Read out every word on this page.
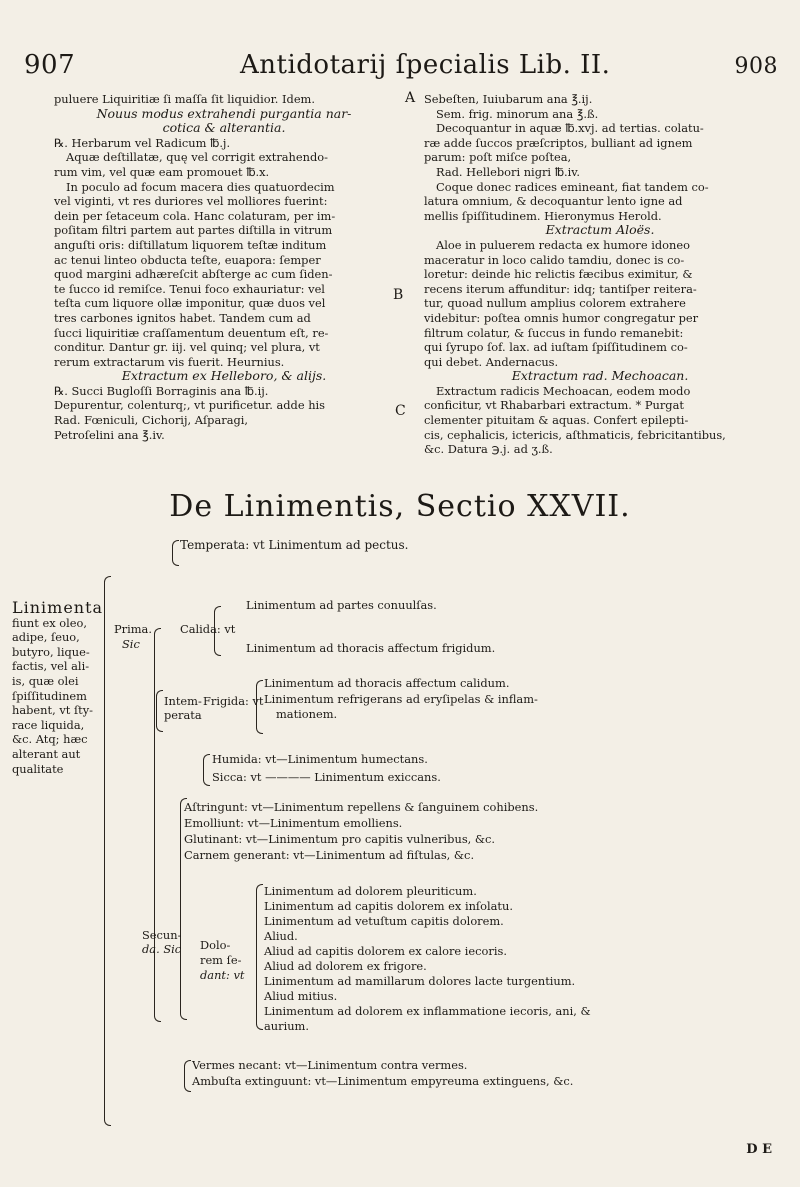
907	Antidotarij ſpecialis Lib. II.	908
A
B
C

puluere Liquiritiæ ſi maſſa ſit liquidior. Idem.

Nouus modus extrahendi purgantia nar-

cotica & alterantia.

℞. Herbarum vel Radicum ℔.j.

Aquæ deſtillatæ, quę vel corrigit extrahendo-

rum vim, vel quæ eam promouet ℔.x.

In poculo ad focum macera dies quatuordecim

vel viginti, vt res duriores vel molliores fuerint:

dein per ſetaceum cola. Hanc colaturam, per im-

poſitam filtri partem aut partes diſtilla in vitrum

anguſti oris: diſtillatum liquorem teſtæ inditum

ac tenui linteo obducta teſte, euapora: ſemper

quod margini adhæreſcit abſterge ac cum ſiden-

te ſucco id remiſce. Tenui foco exhauriatur: vel

teſta cum liquore ollæ imponitur, quæ duos vel

tres carbones ignitos habet. Tandem cum ad

ſucci liquiritiæ craſſamentum deuentum eſt, re-

conditur. Dantur gr. iij. vel quinq; vel plura, vt

rerum extractarum vis fuerit. Heurnius.

Extractum ex Helleboro, & alijs.

℞. Succi Bugloſſi Borraginis ana ℔.ij.

Depurentur, colenturq;, vt purificetur. adde his

Rad. Fœniculi, Cichorij, Aſparagi,

Petroſelini ana ℥.iv.

Sebeſten, Iuiubarum ana ℥.ij.

Sem. frig. minorum ana ℥.ß.

Decoquantur in aquæ ℔.xvj. ad tertias. colatu-

ræ adde ſuccos præſcriptos, bulliant ad ignem

parum: poſt miſce poſtea,

Rad. Hellebori nigri ℔.iv.

Coque donec radices emineant, fiat tandem co-

latura omnium, & decoquantur lento igne ad

mellis ſpiſſitudinem. Hieronymus Herold.

Extractum Aloës.

Aloe in puluerem redacta ex humore idoneo

maceratur in loco calido tamdiu, donec is co-

loretur: deinde hic relictis fæcibus eximitur, &

recens iterum affunditur: idq; tantiſper reitera-

tur, quoad nullum amplius colorem extrahere

videbitur: poſtea omnis humor congregatur per

filtrum colatur, & ſuccus in fundo remanebit:

qui ſyrupo ſof. lax. ad iuſtam ſpiſſitudinem co-

qui debet. Andernacus.

Extractum rad. Mechoacan.

Extractum radicis Mechoacan, eodem modo

conficitur, vt Rhabarbari extractum. * Purgat

clementer pituitam & aquas. Confert epilepti-

cis, cephalicis, ictericis, aſthmaticis, febricitantibus,

&c. Datura ℈.j. ad ʒ.ß.

De Linimentis, Sectio XXVII.
Linimenta
fiunt ex oleo,
adipe, ſeuo,
butyro, lique-
factis, vel ali-
is, quæ olei
ſpiſſitudinem
habent, vt ſty-
race liquida,
&c. Atq; hæc
alterant aut
qualitate
Temperata: vt Linimentum ad pectus.
Prima.
Sic
Calida: vt
Linimentum ad partes conuulſas.
Linimentum ad thoracis affectum frigidum.
Intem-
perata
Frigida: vt
Linimentum ad thoracis affectum calidum.
Linimentum refrigerans ad eryſipelas & inflam-
mationem.
Humida: vt—Linimentum humectans.
Sicca: vt ———— Linimentum exiccans.
Aſtringunt: vt—Linimentum repellens & ſanguinem cohibens.
Emolliunt: vt—Linimentum emolliens.
Glutinant: vt—Linimentum pro capitis vulneribus, &c.
Carnem generant: vt—Linimentum ad fiſtulas, &c.
Secun-
da. Sic Dolo-
rem ſe-
dant: vt
Linimentum ad dolorem pleuriticum.
Linimentum ad capitis dolorem ex inſolatu.
Linimentum ad vetuſtum capitis dolorem.
Aliud.
Aliud ad capitis dolorem ex calore iecoris.
Aliud ad dolorem ex frigore.
Linimentum ad mamillarum dolores lacte turgentium.
Aliud mitius.
Linimentum ad dolorem ex inflammatione iecoris, ani, &
aurium.
Vermes necant: vt—Linimentum contra vermes.
Ambuſta extinguunt: vt—Linimentum empyreuma extinguens, &c.
D E
